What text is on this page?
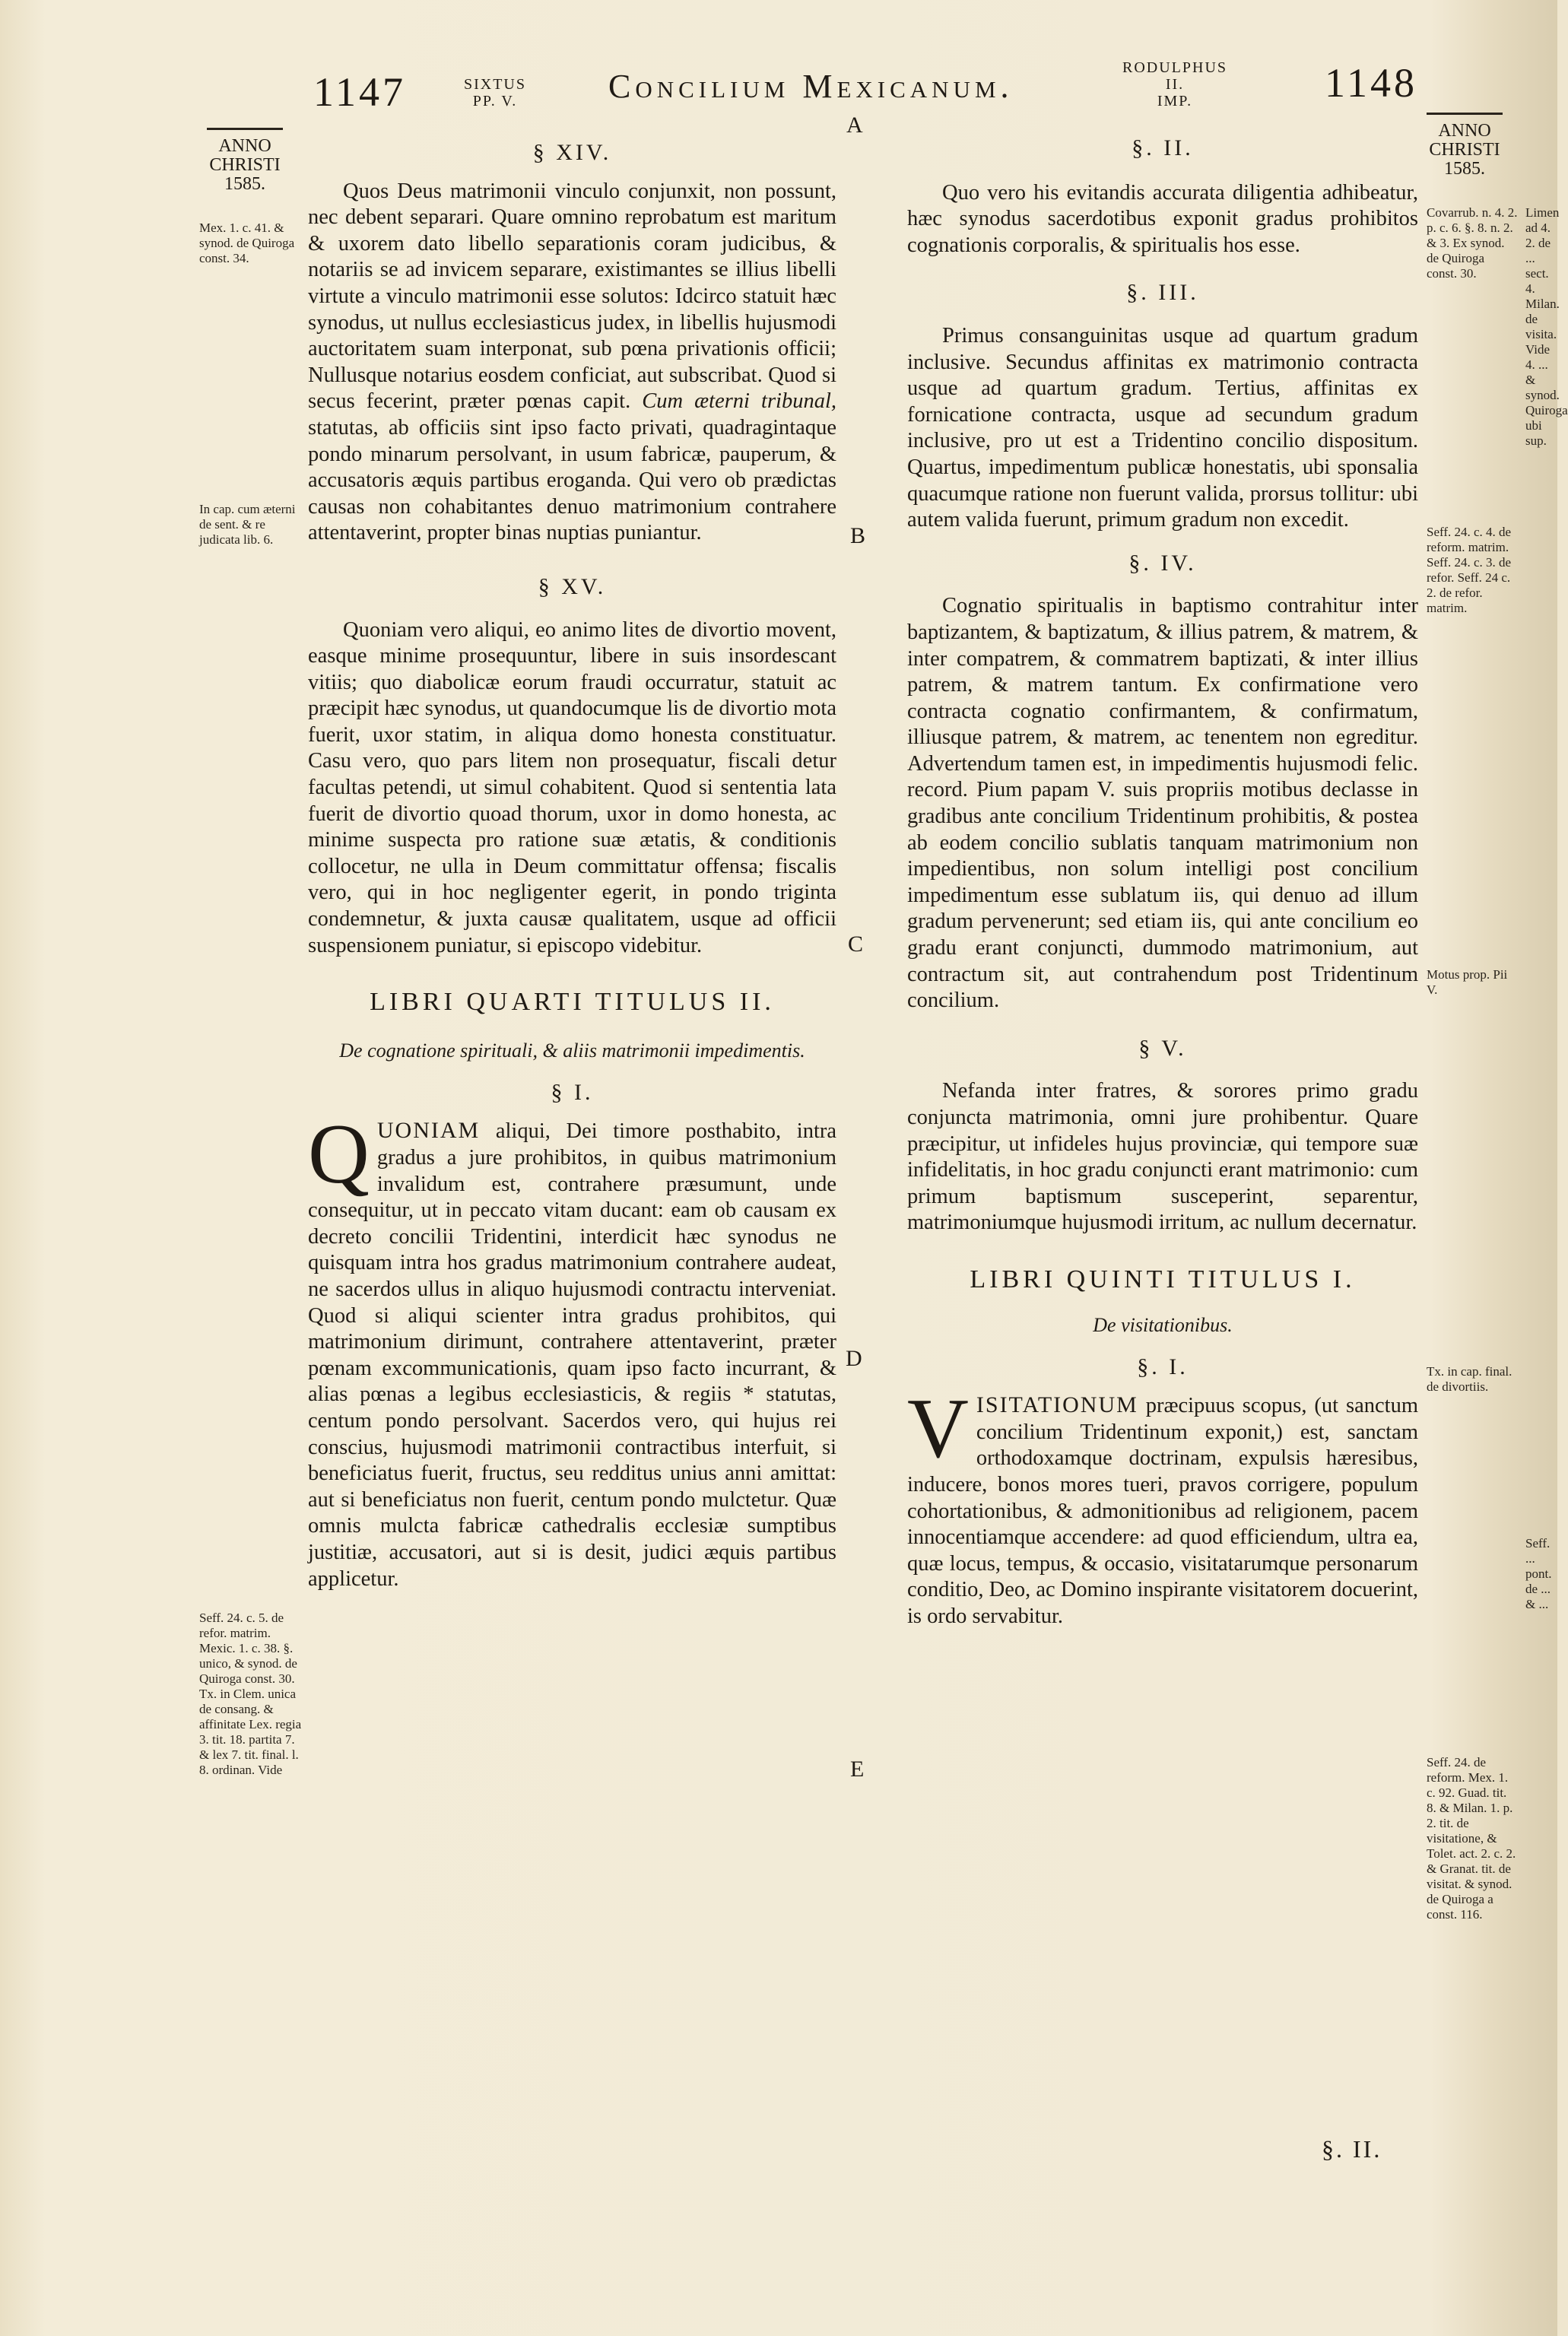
1147	SIXTUS
PP. V.	Concilium Mexicanum.	RODULPHUS II.
IMP.	1148
ANNO
CHRISTI
1585.
ANNO
CHRISTI
1585.
A
B
C
D
E
§ XIV.

Quos Deus matrimonii vinculo conjunxit, non possunt, nec debent separari. Quare omnino reprobatum est maritum & uxorem dato libello separationis coram judicibus, & notariis se ad invicem separare, existimantes se illius libelli virtute a vinculo matrimonii esse solutos: Idcirco statuit hæc synodus, ut nullus ecclesiasticus judex, in libellis hujusmodi auctoritatem suam interponat, sub pœna privationis officii; Nullusque notarius eosdem conficiat, aut subscribat. Quod si secus fecerint, præter pœnas capit. Cum æterni tribunal, statutas, ab officiis sint ipso facto privati, quadragintaque pondo minarum persolvant, in usum fabricæ, pauperum, & accusatoris æquis partibus eroganda. Qui vero ob prædictas causas non cohabitantes denuo matrimonium contrahere attentaverint, propter binas nuptias puniantur.

§ XV.

Quoniam vero aliqui, eo animo lites de divortio movent, easque minime prosequuntur, libere in suis insordescant vitiis; quo diabolicæ eorum fraudi occurratur, statuit ac præcipit hæc synodus, ut quandocumque lis de divortio mota fuerit, uxor statim, in aliqua domo honesta constituatur. Casu vero, quo pars litem non prosequatur, fiscali detur facultas petendi, ut simul cohabitent. Quod si sententia lata fuerit de divortio quoad thorum, uxor in domo honesta, ac minime suspecta pro ratione suæ ætatis, & conditionis collocetur, ne ulla in Deum committatur offensa; fiscalis vero, qui in hoc negligenter egerit, in pondo triginta condemnetur, & juxta causæ qualitatem, usque ad officii suspensionem puniatur, si episcopo videbitur.

LIBRI QUARTI TITULUS II.
De cognatione spirituali, & aliis matrimonii impedimentis.
§ I.

QUONIAM aliqui, Dei timore posthabito, intra gradus a jure prohibitos, in quibus matrimonium invalidum est, contrahere præsumunt, unde consequitur, ut in peccato vitam ducant: eam ob causam ex decreto concilii Tridentini, interdicit hæc synodus ne quisquam intra hos gradus matrimonium contrahere audeat, ne sacerdos ullus in aliquo hujusmodi contractu interveniat. Quod si aliqui scienter intra gradus prohibitos, qui matrimonium dirimunt, contrahere attentaverint, præter pœnam excommunicationis, quam ipso facto incurrant, & alias pœnas a legibus ecclesiasticis, & regiis * statutas, centum pondo persolvant. Sacerdos vero, qui hujus rei conscius, hujusmodi matrimonii contractibus interfuit, si beneficiatus fuerit, fructus, seu redditus unius anni amittat: aut si beneficiatus non fuerit, centum pondo mulctetur. Quæ omnis mulcta fabricæ cathedralis ecclesiæ sumptibus justitiæ, accusatori, aut si is desit, judici æquis partibus applicetur.

§. II.

Quo vero his evitandis accurata diligentia adhibeatur, hæc synodus sacerdotibus exponit gradus prohibitos cognationis corporalis, & spiritualis hos esse.

§. III.

Primus consanguinitas usque ad quartum gradum inclusive. Secundus affinitas ex matrimonio contracta usque ad quartum gradum. Tertius, affinitas ex fornicatione contracta, usque ad secundum gradum inclusive, pro ut est a Tridentino concilio dispositum. Quartus, impedimentum publicæ honestatis, ubi sponsalia quacumque ratione non fuerunt valida, prorsus tollitur: ubi autem valida fuerunt, primum gradum non excedit.

§. IV.

Cognatio spiritualis in baptismo contrahitur inter baptizantem, & baptizatum, & illius patrem, & matrem, & inter compatrem, & commatrem baptizati, & inter illius patrem, & matrem tantum. Ex confirmatione vero contracta cognatio confirmantem, & confirmatum, illiusque patrem, & matrem, ac tenentem non egreditur. Advertendum tamen est, in impedimentis hujusmodi felic. record. Pium papam V. suis propriis motibus declasse in gradibus ante concilium Tridentinum prohibitis, & postea ab eodem concilio sublatis tanquam matrimonium non impedientibus, non solum intelligi post concilium impedimentum esse sublatum iis, qui denuo ad illum gradum pervenerunt; sed etiam iis, qui ante concilium eo gradu erant conjuncti, dummodo matrimonium, aut contractum sit, aut contrahendum post Tridentinum concilium.

§ V.

Nefanda inter fratres, & sorores primo gradu conjuncta matrimonia, omni jure prohibentur. Quare præcipitur, ut infideles hujus provinciæ, qui tempore suæ infidelitatis, in hoc gradu conjuncti erant matrimonio: cum primum baptismum susceperint, separentur, matrimoniumque hujusmodi irritum, ac nullum decernatur.

LIBRI QUINTI TITULUS I.
De visitationibus.
§. I.

VISITATIONUM præcipuus scopus, (ut sanctum concilium Tridentinum exponit,) est, sanctam orthodoxamque doctrinam, expulsis hæresibus, inducere, bonos mores tueri, pravos corrigere, populum cohortationibus, & admonitionibus ad religionem, pacem innocentiamque accendere: ad quod efficiendum, ultra ea, quæ locus, tempus, & occasio, visitatarumque personarum conditio, Deo, ac Domino inspirante visitatorem docuerint, is ordo servabitur.

§. II.
Mex. 1. c. 41. & synod. de Quiroga const. 34.
In cap. cum æterni de sent. & re judicata lib. 6.
Seff. 24. c. 5. de refor. matrim. Mexic. 1. c. 38. §. unico, & synod. de Quiroga const. 30. Tx. in Clem. unica de consang. & affinitate Lex. regia 3. tit. 18. partita 7. & lex 7. tit. final. l. 8. ordinan. Vide
Covarrub. n. 4. 2. p. c. 6. §. 8. n. 2. & 3. Ex synod. de Quiroga const. 30.
Seff. 24. c. 4. de reform. matrim. Seff. 24. c. 3. de refor. Seff. 24 c. 2. de refor. matrim.
Motus prop. Pii V.
Tx. in cap. final. de divortiis.
Seff. 24. de reform. Mex. 1. c. 92. Guad. tit. 8. & Milan. 1. p. 2. tit. de visitatione, & Tolet. act. 2. c. 2. & Granat. tit. de visitat. & synod. de Quiroga a const. 116.
Limen ad 4. 2. de ... sect. 4. Milan. de visita. Vide 4. ... & synod. Quiroga ubi sup.
Seff. ... pont. de ... & ...
